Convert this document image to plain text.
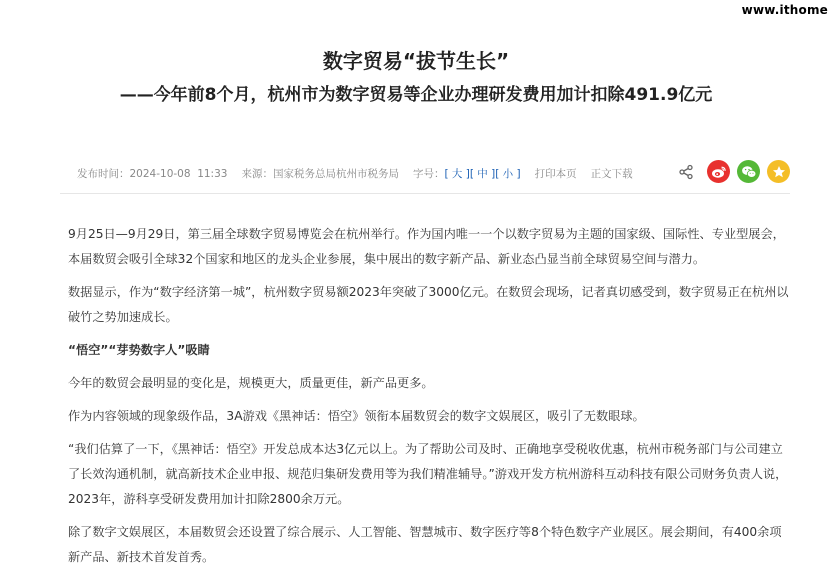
www.ithome
数字贸易“拔节生长”
——今年前8个月，杭州市为数字贸易等企业办理研发费用加计扣除491.9亿元
发布时间： 2024-10-08  11:33 来源： 国家税务总局杭州市税务局 字号： [ 大 ] [ 中 ] [ 小 ] 打印本页 正文下载

9月25日—9月29日，第三届全球数字贸易博览会在杭州举行。作为国内唯一一个以数字贸易为主题的国家级、国际性、专业型展会，本届数贸会吸引全球32个国家和地区的龙头企业参展，集中展出的数字新产品、新业态凸显当前全球贸易空间与潜力。

数据显示，作为“数字经济第一城”，杭州数字贸易额2023年突破了3000亿元。在数贸会现场，记者真切感受到，数字贸易正在杭州以破竹之势加速成长。

“悟空”“芽势数字人”吸睛

今年的数贸会最明显的变化是，规模更大，质量更佳，新产品更多。

作为内容领域的现象级作品，3A游戏《黑神话：悟空》领衔本届数贸会的数字文娱展区，吸引了无数眼球。

“我们估算了一下，《黑神话：悟空》开发总成本达3亿元以上。为了帮助公司及时、正确地享受税收优惠，杭州市税务部门与公司建立了长效沟通机制，就高新技术企业申报、规范归集研发费用等为我们精准辅导。”游戏开发方杭州游科互动科技有限公司财务负责人说，2023年，游科享受研发费用加计扣除2800余万元。

除了数字文娱展区，本届数贸会还设置了综合展示、人工智能、智慧城市、数字医疗等8个特色数字产业展区。展会期间，有400余项新产品、新技术首发首秀。
